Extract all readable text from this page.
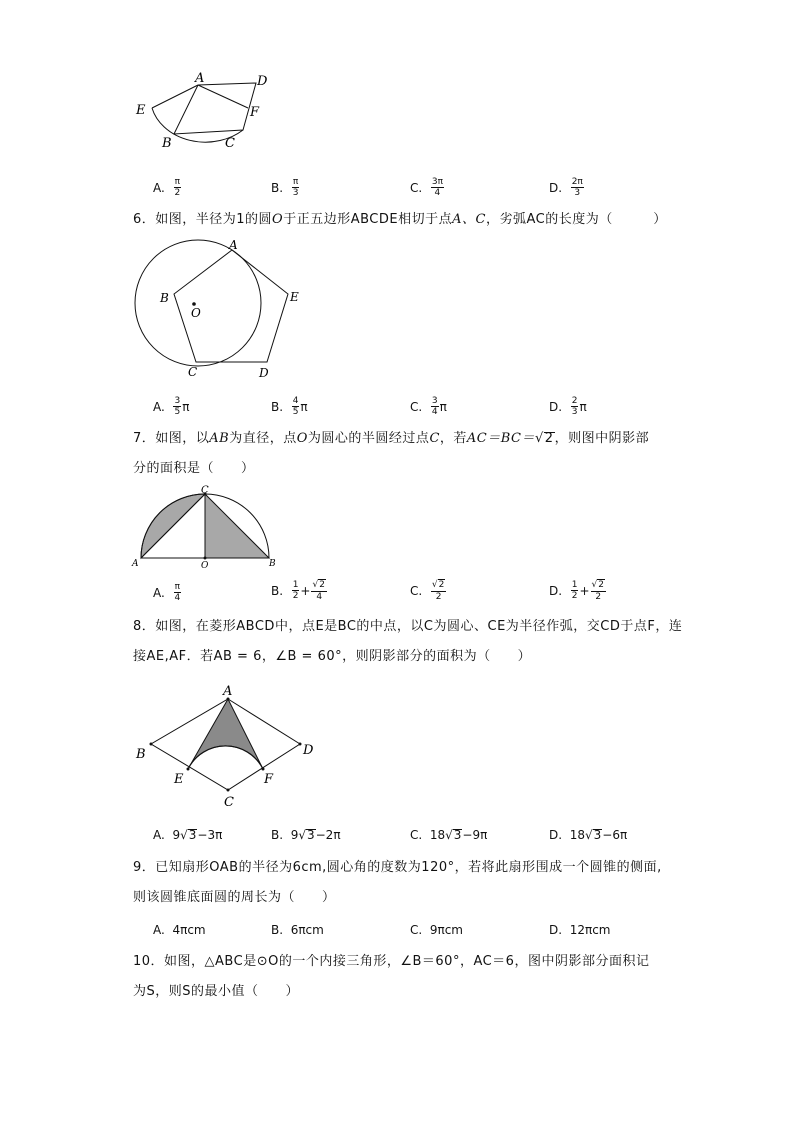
A	D
E	F
B	C
A.
$\frac{\pi}{2}$	B.
$\frac{\pi}{3}$	C.
$\frac{3\pi}{4}$	D.
$\frac{2\pi}{3}$
6．如图，半径为1的圆O于正五边形ABCDE相切于点A、C，劣弧AC的长度为（　　　）
A
B
O
E
C	D
A.
$\frac{3}{5}$ π	B.
$\frac{4}{5}$ π	C.
$\frac{3}{4}$ π	D.
$\frac{2}{3}$ π
7．如图，以AB为直径，点O为圆心的半圆经过点C，若AC＝BC＝√2，则图中阴影部
分的面积是（　　）
C
A	O	B
A.
$\frac{\pi}{4}$	B.
$\frac{1}{2} + \frac{√2}{4}$	C.
$\frac{√2}{2}$	D.
$\frac{1}{2} + \frac{√2}{2}$
8．如图，在菱形ABCD中，点E是BC的中点，以C为圆心、CE为半径作弧，交CD于点F，连
接AE,AF．若AB = 6，∠B = 60°，则阴影部分的面积为（　　）
A
B	D
E	F
C
A.
9 √ 3 −3π	B.
9 √ 3 −2π	C.
18 √ 3 −9π	D.
18 √ 3 −6π
9．已知扇形OAB的半径为6cm,圆心角的度数为120°，若将此扇形围成一个圆锥的侧面,
则该圆锥底面圆的周长为（　　）
A.
4πcm	B.
6πcm	C.
9πcm	D.
12πcm
10．如图，△ABC是⊙O的一个内接三角形，∠B＝60°，AC＝6，图中阴影部分面积记
为S，则S的最小值（　　）
